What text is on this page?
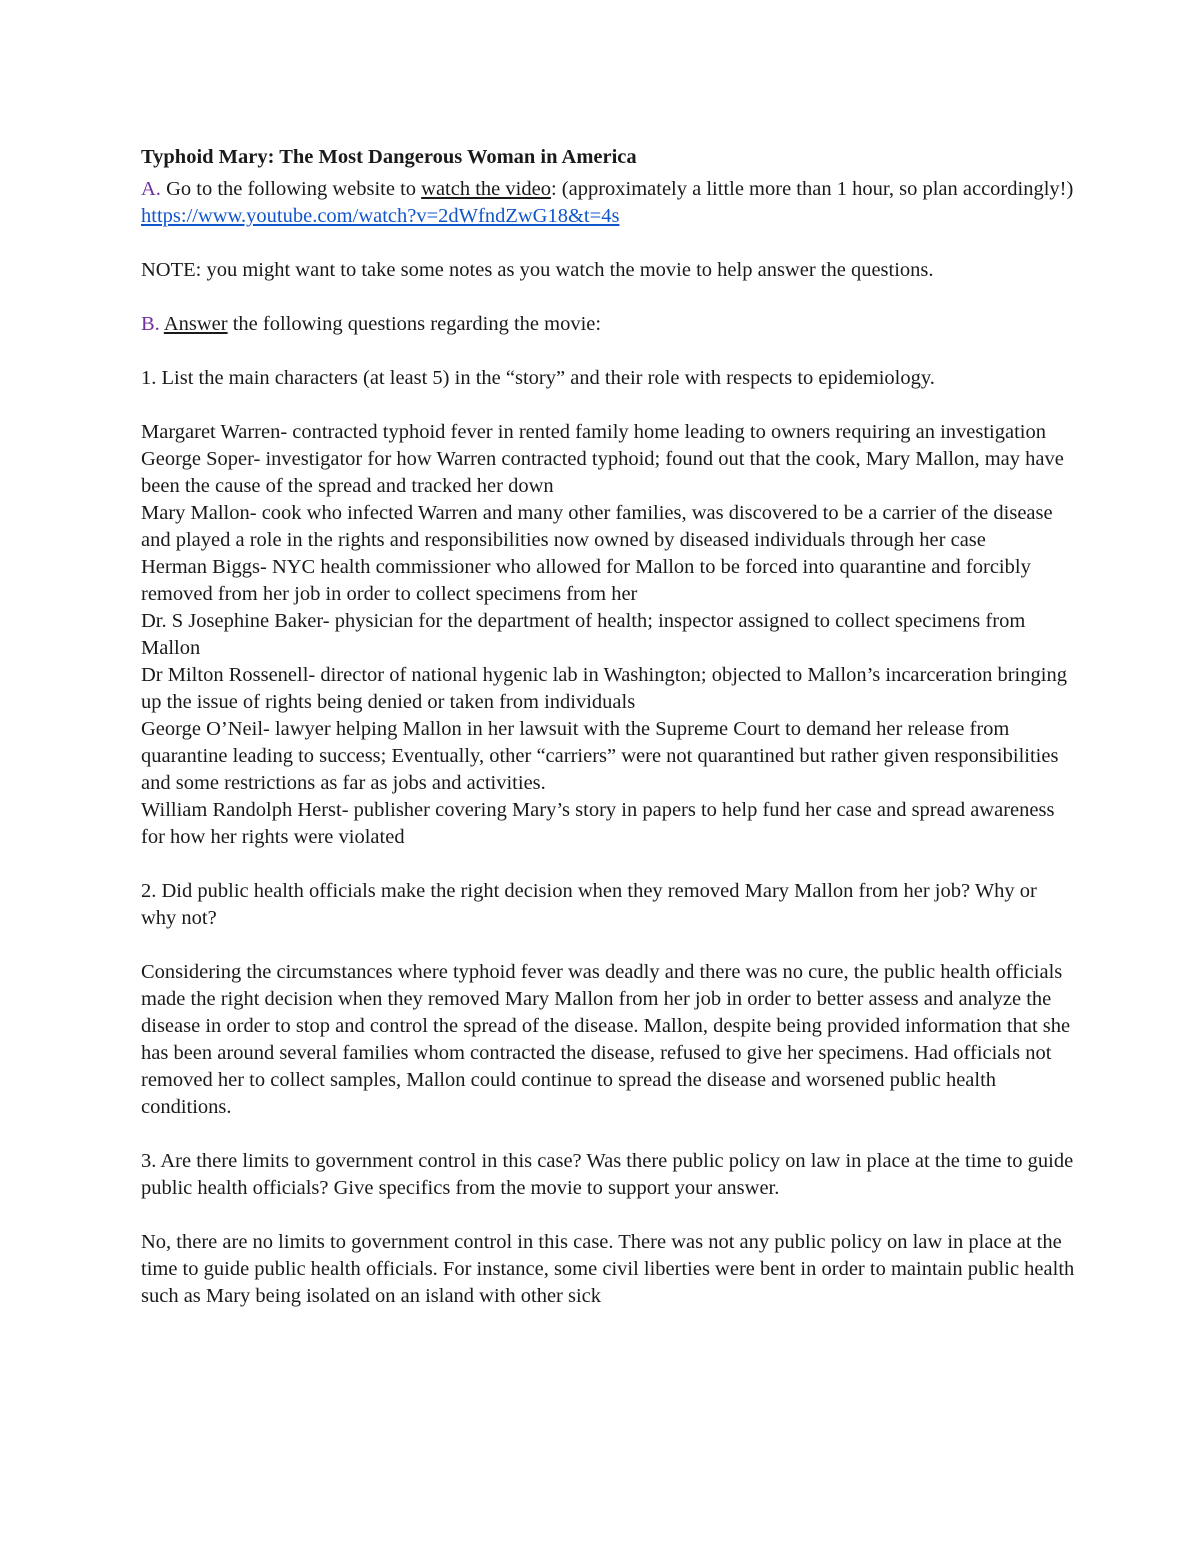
Typhoid Mary: The Most Dangerous Woman in America

A. Go to the following website to watch the video: (approximately a little more than 1 hour, so plan accordingly!) https://www.youtube.com/watch?v=2dWfndZwG18&t=4s

NOTE: you might want to take some notes as you watch the movie to help answer the questions.

B. Answer the following questions regarding the movie:

1. List the main characters (at least 5) in the “story” and their role with respects to epidemiology.

Margaret Warren- contracted typhoid fever in rented family home leading to owners requiring an investigation

George Soper- investigator for how Warren contracted typhoid; found out that the cook, Mary Mallon, may have been the cause of the spread and tracked her down

Mary Mallon- cook who infected Warren and many other families, was discovered to be a carrier of the disease and played a role in the rights and responsibilities now owned by diseased individuals through her case

Herman Biggs- NYC health commissioner who allowed for Mallon to be forced into quarantine and forcibly removed from her job in order to collect specimens from her

Dr. S Josephine Baker- physician for the department of health; inspector assigned to collect specimens from Mallon

Dr Milton Rossenell- director of national hygenic lab in Washington; objected to Mallon’s incarceration bringing up the issue of rights being denied or taken from individuals

George O’Neil- lawyer helping Mallon in her lawsuit with the Supreme Court to demand her release from quarantine leading to success; Eventually, other “carriers” were not quarantined but rather given responsibilities and some restrictions as far as jobs and activities.

William Randolph Herst- publisher covering Mary’s story in papers to help fund her case and spread awareness for how her rights were violated

2. Did public health officials make the right decision when they removed Mary Mallon from her job? Why or why not?

Considering the circumstances where typhoid fever was deadly and there was no cure, the public health officials made the right decision when they removed Mary Mallon from her job in order to better assess and analyze the disease in order to stop and control the spread of the disease. Mallon, despite being provided information that she has been around several families whom contracted the disease, refused to give her specimens. Had officials not removed her to collect samples, Mallon could continue to spread the disease and worsened public health conditions.

3. Are there limits to government control in this case? Was there public policy on law in place at the time to guide public health officials? Give specifics from the movie to support your answer.

No, there are no limits to government control in this case. There was not any public policy on law in place at the time to guide public health officials. For instance, some civil liberties were bent in order to maintain public health such as Mary being isolated on an island with other sick
